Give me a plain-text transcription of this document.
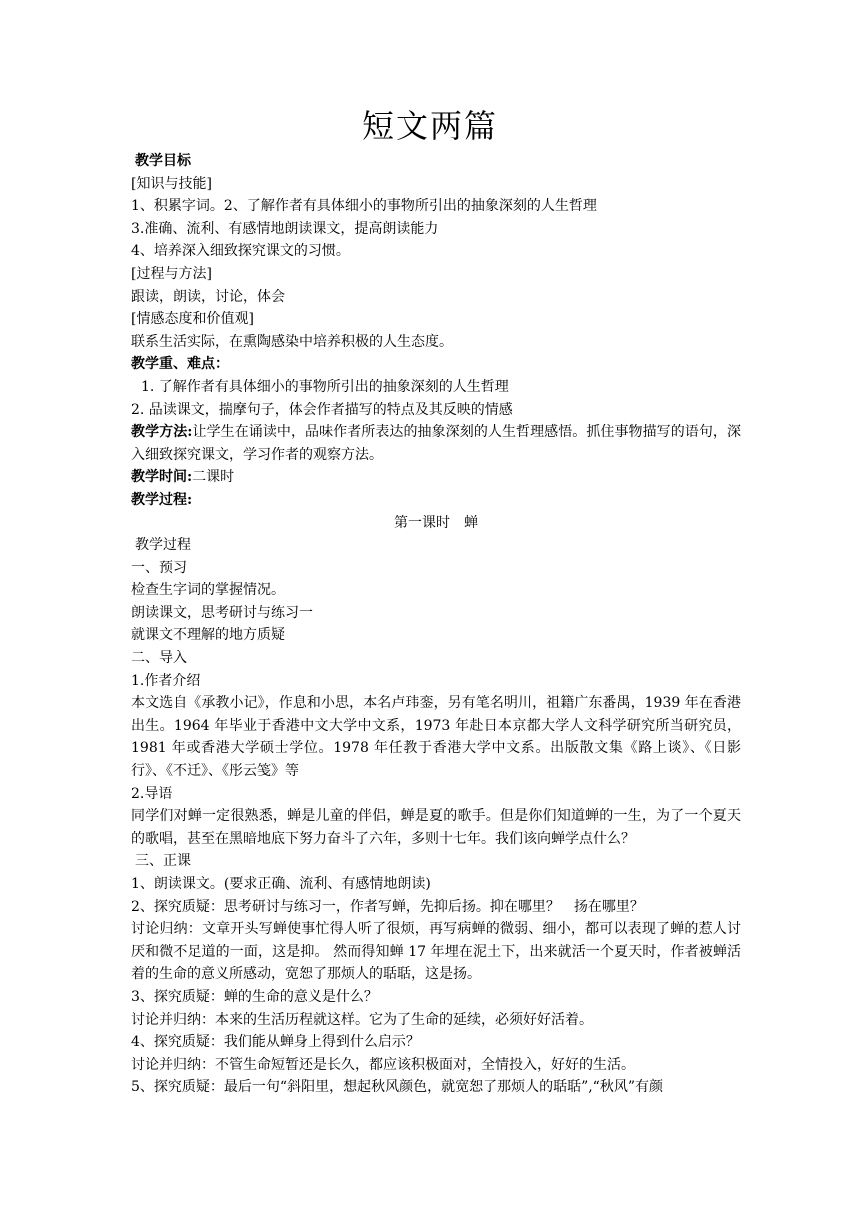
短文两篇
教学目标
[知识与技能]
1、积累字词。2、了解作者有具体细小的事物所引出的抽象深刻的人生哲理
3.准确、流利、有感情地朗读课文，提高朗读能力
4、培养深入细致探究课文的习惯。
[过程与方法]
跟读，朗读，讨论，体会
[情感态度和价值观]
联系生活实际，在熏陶感染中培养积极的人生态度。
教学重、难点：
1. 了解作者有具体细小的事物所引出的抽象深刻的人生哲理
2. 品读课文，揣摩句子，体会作者描写的特点及其反映的情感
教学方法:让学生在诵读中，品味作者所表达的抽象深刻的人生哲理感悟。抓住事物描写的语句，深入细致探究课文，学习作者的观察方法。
教学时间:二课时
教学过程:
第一课时　蝉
教学过程
一、预习
检查生字词的掌握情况。
朗读课文，思考研讨与练习一
就课文不理解的地方质疑
二、导入
1.作者介绍
本文选自《承教小记》，作息和小思，本名卢玮銮，另有笔名明川，祖籍广东番禺，1939 年在香港出生。1964 年毕业于香港中文大学中文系，1973 年赴日本京都大学人文科学研究所当研究员，1981 年或香港大学硕士学位。1978 年任教于香港大学中文系。出版散文集《路上谈》、《日影行》、《不迁》、《彤云笺》等
2.导语
同学们对蝉一定很熟悉，蝉是儿童的伴侣，蝉是夏的歌手。但是你们知道蝉的一生，为了一个夏天的歌唱，甚至在黑暗地底下努力奋斗了六年，多则十七年。我们该向蝉学点什么？
三、正课
1、朗读课文。(要求正确、流利、有感情地朗读)
2、探究质疑：思考研讨与练习一，作者写蝉，先抑后扬。抑在哪里？　扬在哪里？
讨论归纳：文章开头写蝉使事忙得人听了很烦，再写病蝉的微弱、细小，都可以表现了蝉的惹人讨厌和微不足道的一面，这是抑。 然而得知蝉 17 年埋在泥土下，出来就活一个夏天时，作者被蝉活着的生命的意义所感动，宽恕了那烦人的聒聒，这是扬。
3、探究质疑：蝉的生命的意义是什么？
讨论并归纳：本来的生活历程就这样。它为了生命的延续，必须好好活着。
4、探究质疑：我们能从蝉身上得到什么启示？
讨论并归纳：不管生命短暂还是长久，都应该积极面对，全情投入，好好的生活。
5、探究质疑：最后一句“斜阳里，想起秋风颜色，就宽恕了那烦人的聒聒”,“秋风”有颜
